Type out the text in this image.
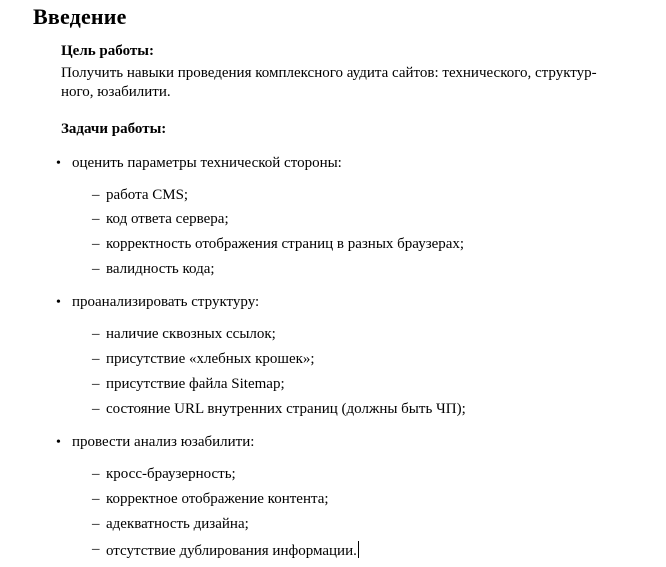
Введение
Цель работы:
Получить навыки проведения комплексного аудита сайтов: технического, структур-
ного, юзабилити.
Задачи работы:
• оценить параметры технической стороны:
– работа CMS;
– код ответа сервера;
– корректность отображения страниц в разных браузерах;
– валидность кода;
• проанализировать структуру:
– наличие сквозных ссылок;
– присутствие «хлебных крошек»;
– присутствие файла Sitemap;
– состояние URL внутренних страниц (должны быть ЧП);
• провести анализ юзабилити:
– кросс-браузерность;
– корректное отображение контента;
– адекватность дизайна;
– отсутствие дублирования информации.
